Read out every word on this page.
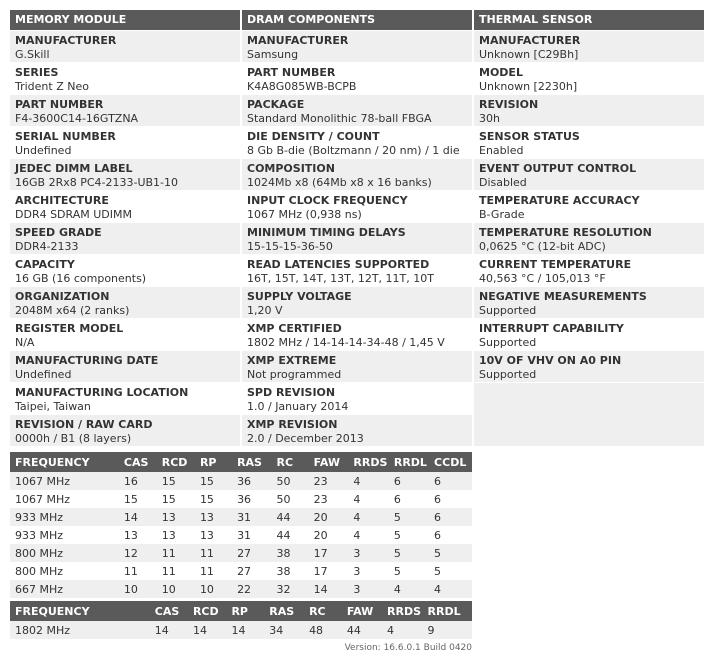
MEMORY MODULE
MANUFACTURER
G.Skill
SERIES
Trident Z Neo
PART NUMBER
F4-3600C14-16GTZNA
SERIAL NUMBER
Undefined
JEDEC DIMM LABEL
16GB 2Rx8 PC4-2133-UB1-10
ARCHITECTURE
DDR4 SDRAM UDIMM
SPEED GRADE
DDR4-2133
CAPACITY
16 GB (16 components)
ORGANIZATION
2048M x64 (2 ranks)
REGISTER MODEL
N/A
MANUFACTURING DATE
Undefined
MANUFACTURING LOCATION
Taipei, Taiwan
REVISION / RAW CARD
0000h / B1 (8 layers)
DRAM COMPONENTS
MANUFACTURER
Samsung
PART NUMBER
K4A8G085WB-BCPB
PACKAGE
Standard Monolithic 78-ball FBGA
DIE DENSITY / COUNT
8 Gb B-die (Boltzmann / 20 nm) / 1 die
COMPOSITION
1024Mb x8 (64Mb x8 x 16 banks)
INPUT CLOCK FREQUENCY
1067 MHz (0,938 ns)
MINIMUM TIMING DELAYS
15-15-15-36-50
READ LATENCIES SUPPORTED
16T, 15T, 14T, 13T, 12T, 11T, 10T
SUPPLY VOLTAGE
1,20 V
XMP CERTIFIED
1802 MHz / 14-14-14-34-48 / 1,45 V
XMP EXTREME
Not programmed
SPD REVISION
1.0 / January 2014
XMP REVISION
2.0 / December 2013
THERMAL SENSOR
MANUFACTURER
Unknown [C29Bh]
MODEL
Unknown [2230h]
REVISION
30h
SENSOR STATUS
Enabled
EVENT OUTPUT CONTROL
Disabled
TEMPERATURE ACCURACY
B-Grade
TEMPERATURE RESOLUTION
0,0625 °C (12-bit ADC)
CURRENT TEMPERATURE
40,563 °C / 105,013 °F
NEGATIVE MEASUREMENTS
Supported
INTERRUPT CAPABILITY
Supported
10V OF VHV ON A0 PIN
Supported
FREQUENCY	CAS	RCD	RP	RAS	RC	FAW	RRDS	RRDL	CCDL
1067 MHz	16	15	15	36	50	23	4	6	6
1067 MHz	15	15	15	36	50	23	4	6	6
933 MHz	14	13	13	31	44	20	4	5	6
933 MHz	13	13	13	31	44	20	4	5	6
800 MHz	12	11	11	27	38	17	3	5	5
800 MHz	11	11	11	27	38	17	3	5	5
667 MHz	10	10	10	22	32	14	3	4	4
FREQUENCY	CAS	RCD	RP	RAS	RC	FAW	RRDS	RRDL
1802 MHz	14	14	14	34	48	44	4	9
Version: 16.6.0.1 Build 0420
